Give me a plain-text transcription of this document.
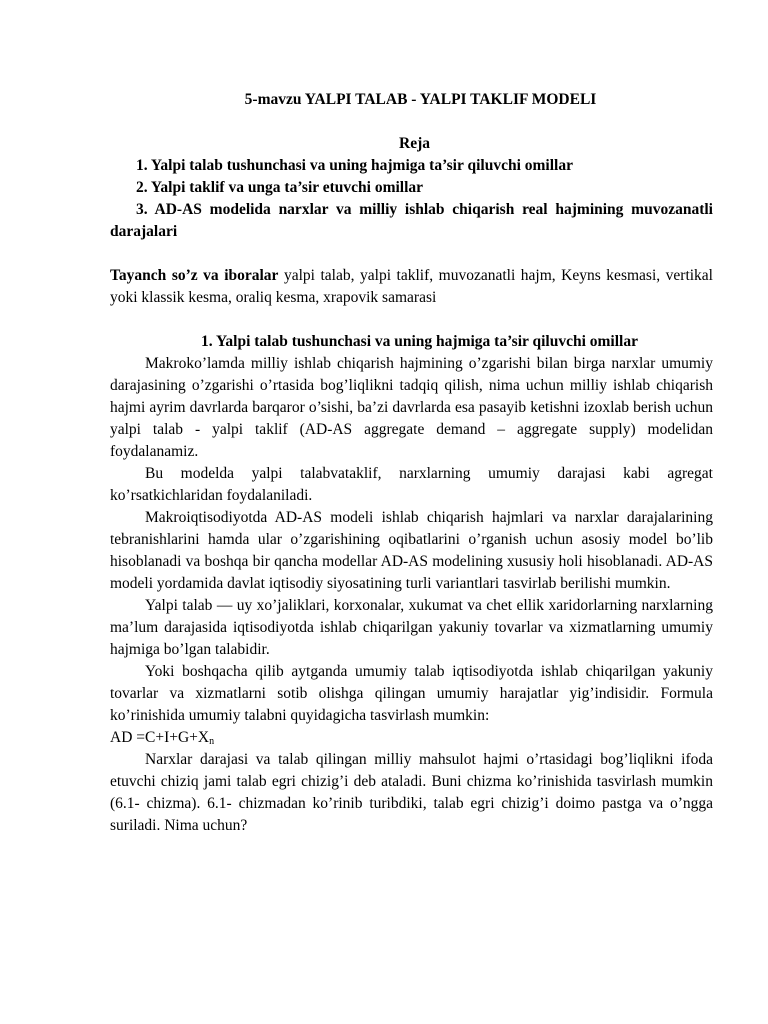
5-mavzu YALPI TALAB - YALPI TAKLIF MODELI

Reja

1. Yalpi talab tushunchasi va uning hajmiga ta’sir qiluvchi omillar
2. Yalpi taklif va unga ta’sir etuvchi omillar
3. AD-AS modelida narxlar va milliy ishlab chiqarish real hajmining muvozanatli darajalari

Tayanch so’z va iboralar yalpi talab, yalpi taklif, muvozanatli hajm, Keyns kesmasi, vertikal yoki klassik kesma, oraliq kesma, xrapovik samarasi

1. Yalpi talab tushunchasi va uning hajmiga ta’sir qiluvchi omillar

Makroko’lamda milliy ishlab chiqarish hajmining o’zgarishi bilan birga narxlar umumiy darajasining o’zgarishi o’rtasida bog’liqlikni tadqiq qilish, nima uchun milliy ishlab chiqarish hajmi ayrim davrlarda barqaror o’sishi, ba’zi davrlarda esa pasayib ketishni izoxlab berish uchun yalpi talab - yalpi taklif (AD-AS aggregate demand – aggregate supply) modelidan foydalanamiz.

Bu modelda yalpi talabvataklif, narxlarning umumiy darajasi kabi agregat ko’rsatkichlaridan foydalaniladi.

Makroiqtisodiyotda AD-AS modeli ishlab chiqarish hajmlari va narxlar darajalarining tebranishlarini hamda ular o’zgarishining oqibatlarini o’rganish uchun asosiy model bo’lib hisoblanadi va boshqa bir qancha modellar AD-AS modelining xususiy holi hisoblanadi. AD-AS modeli yordamida davlat iqtisodiy siyosatining turli variantlari tasvirlab berilishi mumkin.

Yalpi talab — uy xo’jaliklari, korxonalar, xukumat va chet ellik xaridorlarning narxlarning ma’lum darajasida iqtisodiyotda ishlab chiqarilgan yakuniy tovarlar va xizmatlarning umumiy hajmiga bo’lgan talabidir.

Yoki boshqacha qilib aytganda umumiy talab iqtisodiyotda ishlab chiqarilgan yakuniy tovarlar va xizmatlarni sotib olishga qilingan umumiy harajatlar yig’indisidir. Formula ko’rinishida umumiy talabni quyidagicha tasvirlash mumkin:

AD $=C+I+G+X_n$

Narxlar darajasi va talab qilingan milliy mahsulot hajmi o’rtasidagi bog’liqlikni ifoda etuvchi chiziq jami talab egri chizig’i deb ataladi. Buni chizma ko’rinishida tasvirlash mumkin (6.1- chizma). 6.1- chizmadan ko’rinib turibdiki, talab egri chizig’i doimo pastga va o’ngga suriladi. Nima uchun?
